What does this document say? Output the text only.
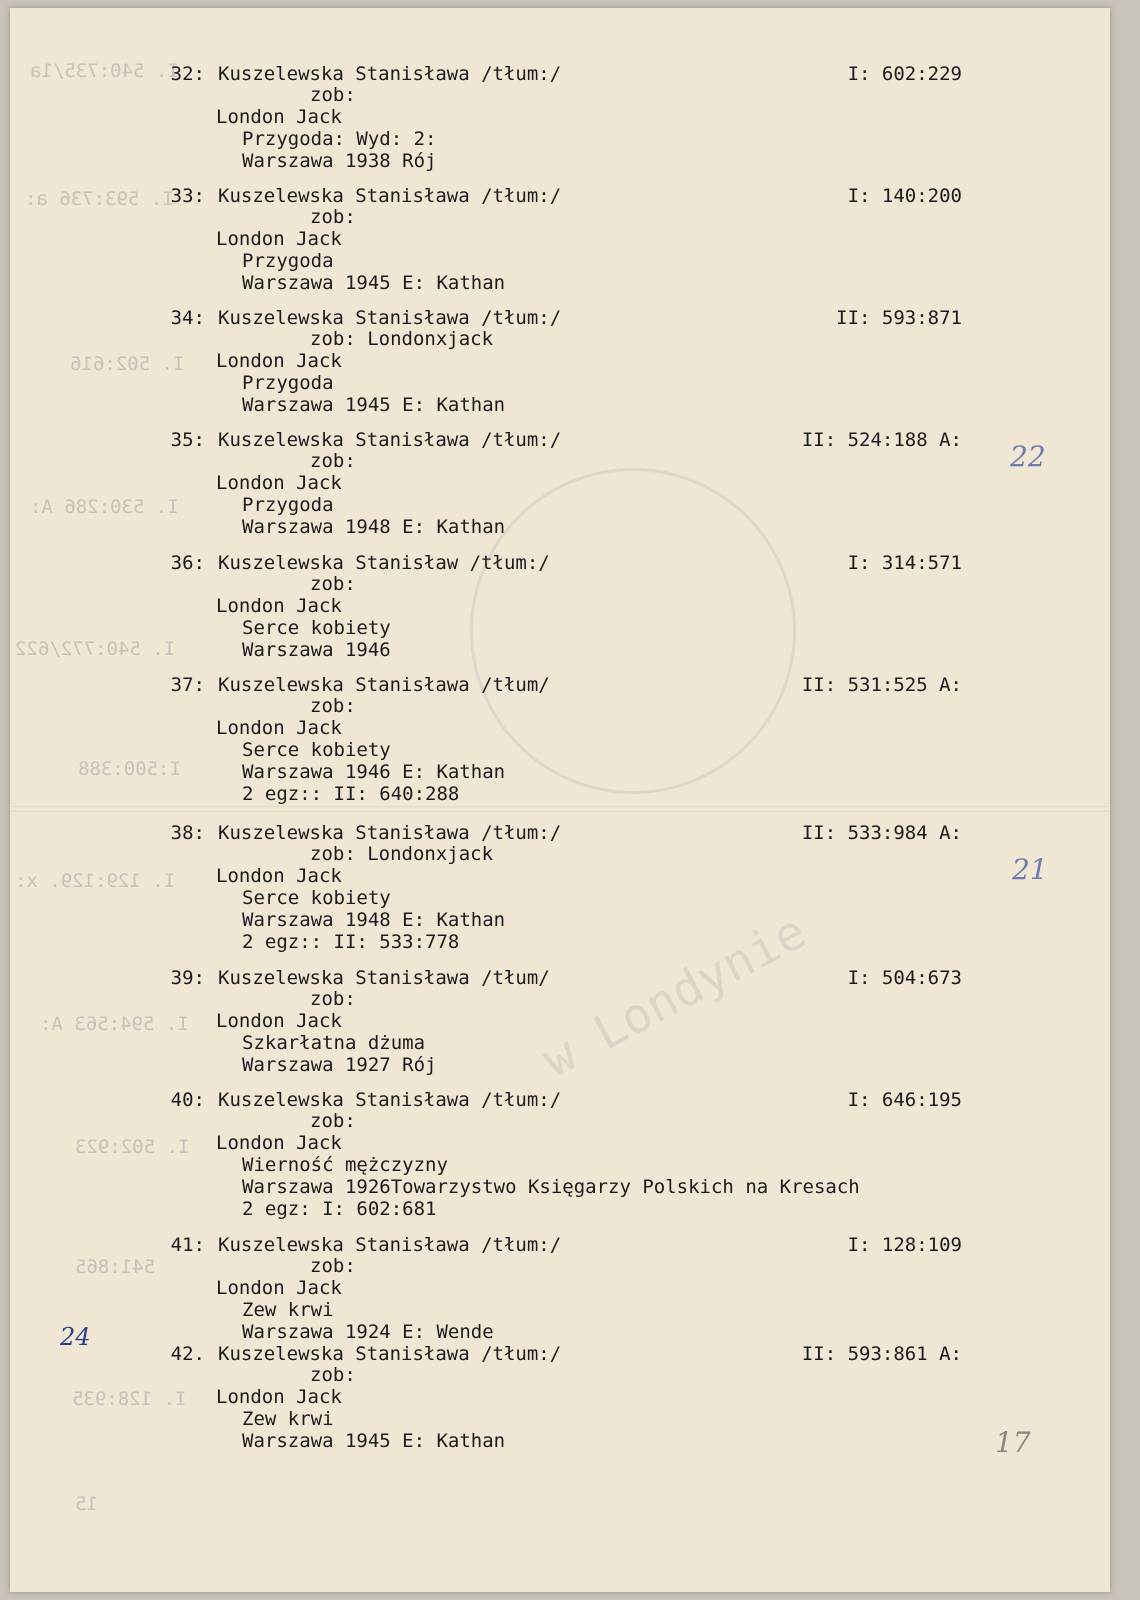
w Londynie
I. 540:735/1a
I. 593:736 a:
I. 502:616
I. 530:286 A:
I. 540:772/622
I:500:388
I. 129:129. x:
I. 594:563 A:
I. 502:923
541:865
I. 128:935
15
32: Kuszelewska Stanisława /tłum:/	I: 602:229
zob:
London Jack
Przygoda: Wyd: 2:
Warszawa 1938 Rój
33: Kuszelewska Stanisława /tłum:/	I: 140:200
zob:
London Jack
Przygoda
Warszawa 1945 E: Kathan
34: Kuszelewska Stanisława /tłum:/	II: 593:871
zob: Londonxjack
London Jack
Przygoda
Warszawa 1945 E: Kathan
35: Kuszelewska Stanisława /tłum:/	II: 524:188 A:
zob:
London Jack
Przygoda
Warszawa 1948 E: Kathan
36: Kuszelewska Stanisław /tłum:/	I: 314:571
zob:
London Jack
Serce kobiety
Warszawa 1946
37: Kuszelewska Stanisława /tłum/	II: 531:525 A:
zob:
London Jack
Serce kobiety
Warszawa 1946 E: Kathan
2 egz:: II: 640:288
38: Kuszelewska Stanisława /tłum:/	II: 533:984 A:
zob: Londonxjack
London Jack
Serce kobiety
Warszawa 1948 E: Kathan
2 egz:: II: 533:778
39: Kuszelewska Stanisława /tłum/	I: 504:673
zob:
London Jack
Szkarłatna dżuma
Warszawa 1927 Rój
40: Kuszelewska Stanisława /tłum:/	I: 646:195
zob:
London Jack
Wierność mężczyzny
Warszawa 1926Towarzystwo Księgarzy Polskich na Kresach
2 egz: I: 602:681
41: Kuszelewska Stanisława /tłum:/	I: 128:109
zob:
London Jack
Zew krwi
Warszawa 1924 E: Wende
42. Kuszelewska Stanisława /tłum:/	II: 593:861 A:
zob:
London Jack
Zew krwi
Warszawa 1945 E: Kathan
22
21
24
17
